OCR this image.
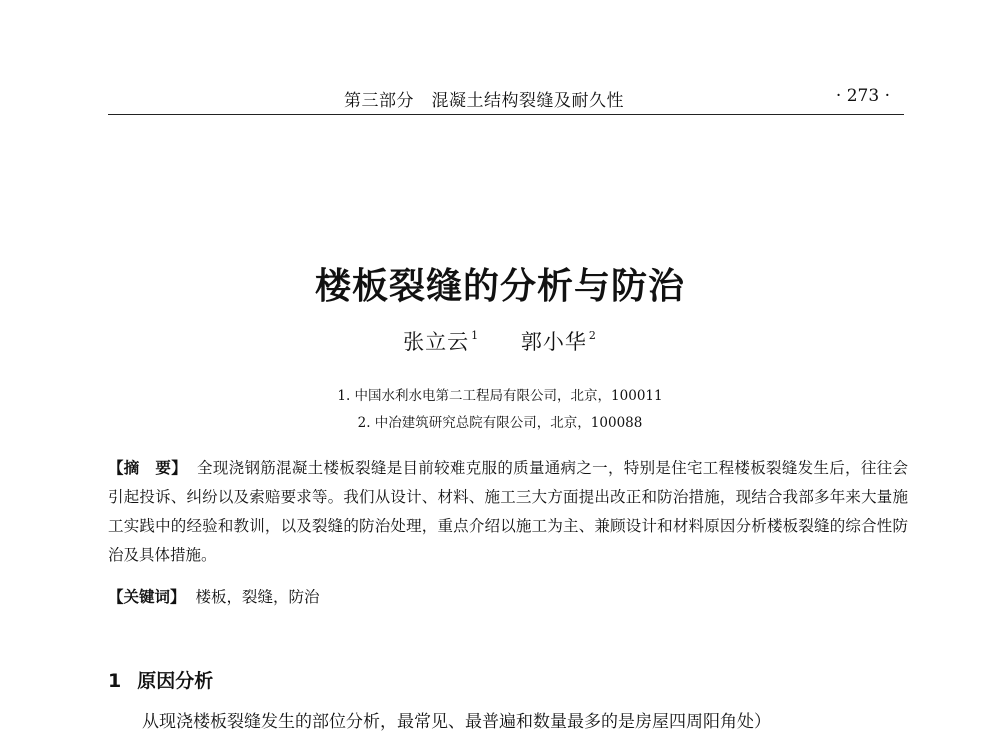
第三部分　混凝土结构裂缝及耐久性	· 273 ·
楼板裂缝的分析与防治
张立云 $^1$ 郭小华 $^2$
1. 中国水利水电第二工程局有限公司，北京，100011
2. 中冶建筑研究总院有限公司，北京，100088
【摘　要】 全现浇钢筋混凝土楼板裂缝是目前较难克服的质量通病之一，特别是住宅工程楼板裂缝发生后，往往会引起投诉、纠纷以及索赔要求等。我们从设计、材料、施工三大方面提出改正和防治措施，现结合我部多年来大量施工实践中的经验和教训，以及裂缝的防治处理，重点介绍以施工为主、兼顾设计和材料原因分析楼板裂缝的综合性防治及具体措施。
【关键词】 楼板，裂缝，防治
1 原因分析
从现浇楼板裂缝发生的部位分析，最常见、最普遍和数量最多的是房屋四周阳角处）
